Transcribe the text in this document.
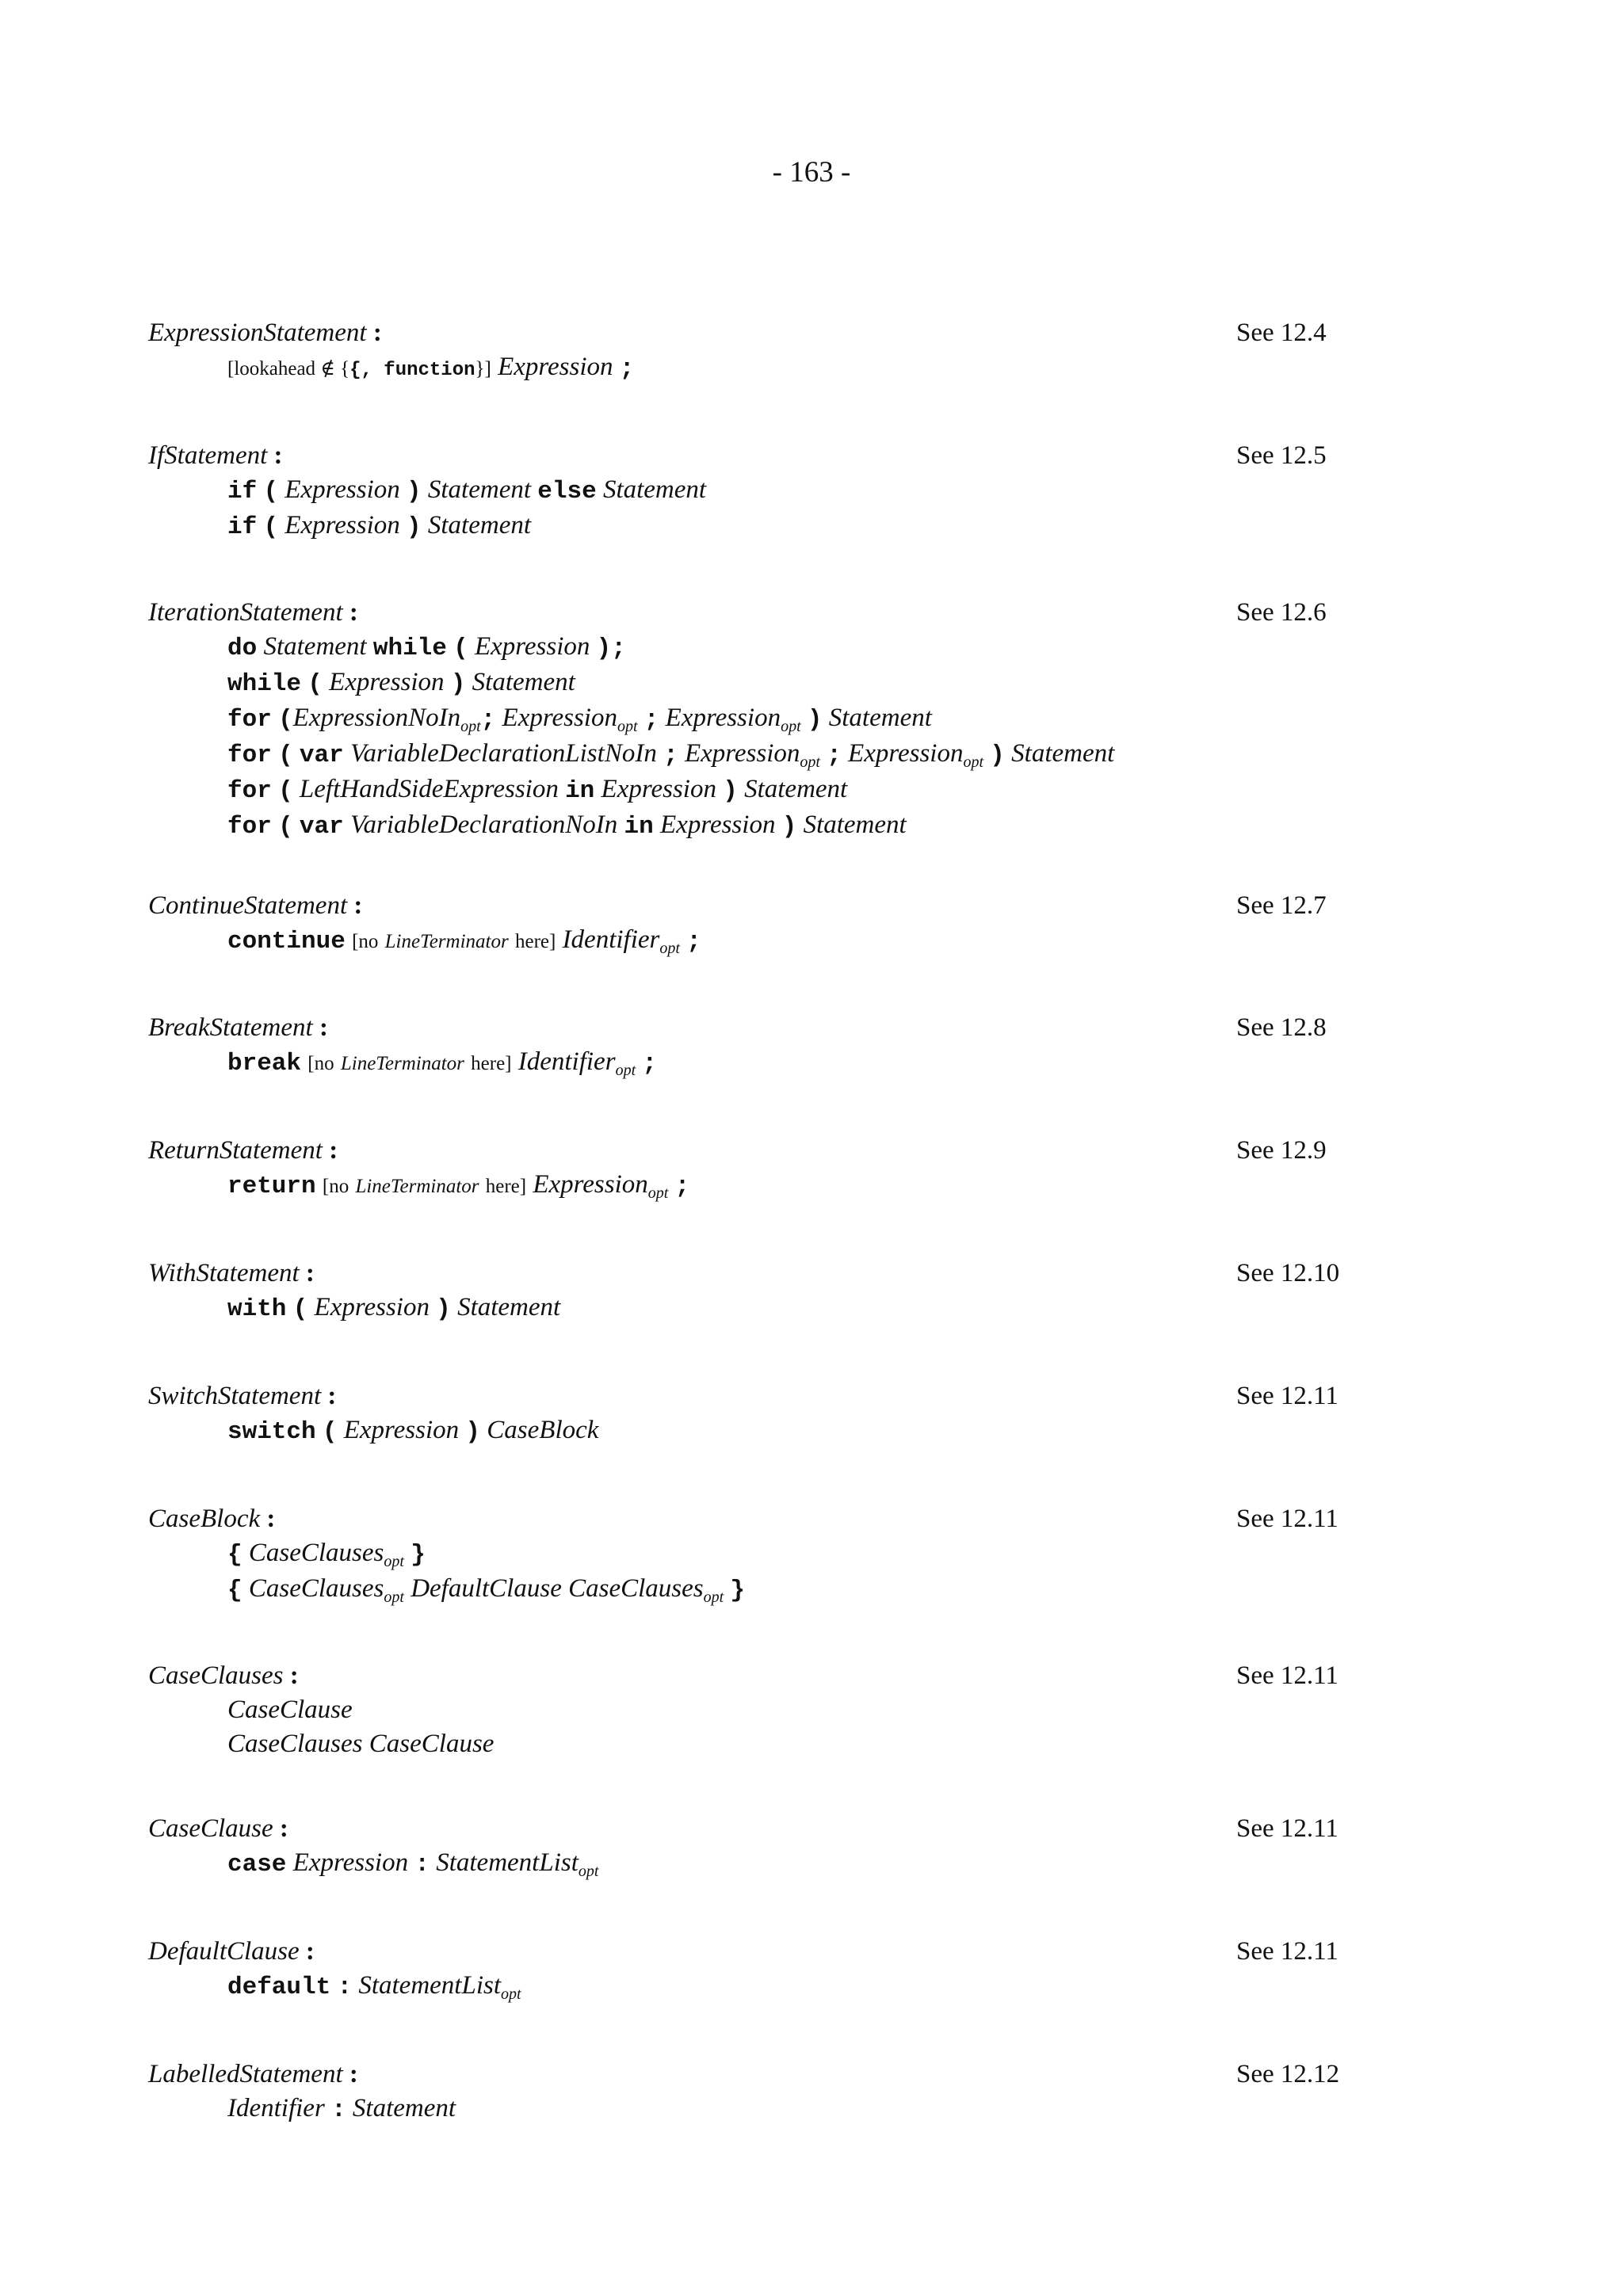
- 163 -
ExpressionStatement :	See 12.4
[lookahead ∉ {{, function}] Expression ;
IfStatement :	See 12.5
if ( Expression ) Statement else Statement
if ( Expression ) Statement
IterationStatement :	See 12.6
do Statement while ( Expression );
while ( Expression ) Statement
for (ExpressionNoIn$_{opt}$; Expression$_{opt}$ ; Expression$_{opt}$ ) Statement
for ( var VariableDeclarationListNoIn ; Expression$_{opt}$ ; Expression$_{opt}$ ) Statement
for ( LeftHandSideExpression in Expression ) Statement
for ( var VariableDeclarationNoIn in Expression ) Statement
ContinueStatement :	See 12.7
continue [no LineTerminator here] Identifier$_{opt}$ ;
BreakStatement :	See 12.8
break [no LineTerminator here] Identifier$_{opt}$ ;
ReturnStatement :	See 12.9
return [no LineTerminator here] Expression$_{opt}$ ;
WithStatement :	See 12.10
with ( Expression ) Statement
SwitchStatement :	See 12.11
switch ( Expression ) CaseBlock
CaseBlock :	See 12.11
{ CaseClauses$_{opt}$ }
{ CaseClauses$_{opt}$ DefaultClause CaseClauses$_{opt}$ }
CaseClauses :	See 12.11
CaseClause
CaseClauses CaseClause
CaseClause :	See 12.11
case Expression : StatementList$_{opt}$
DefaultClause :	See 12.11
default : StatementList$_{opt}$
LabelledStatement :	See 12.12
Identifier : Statement
